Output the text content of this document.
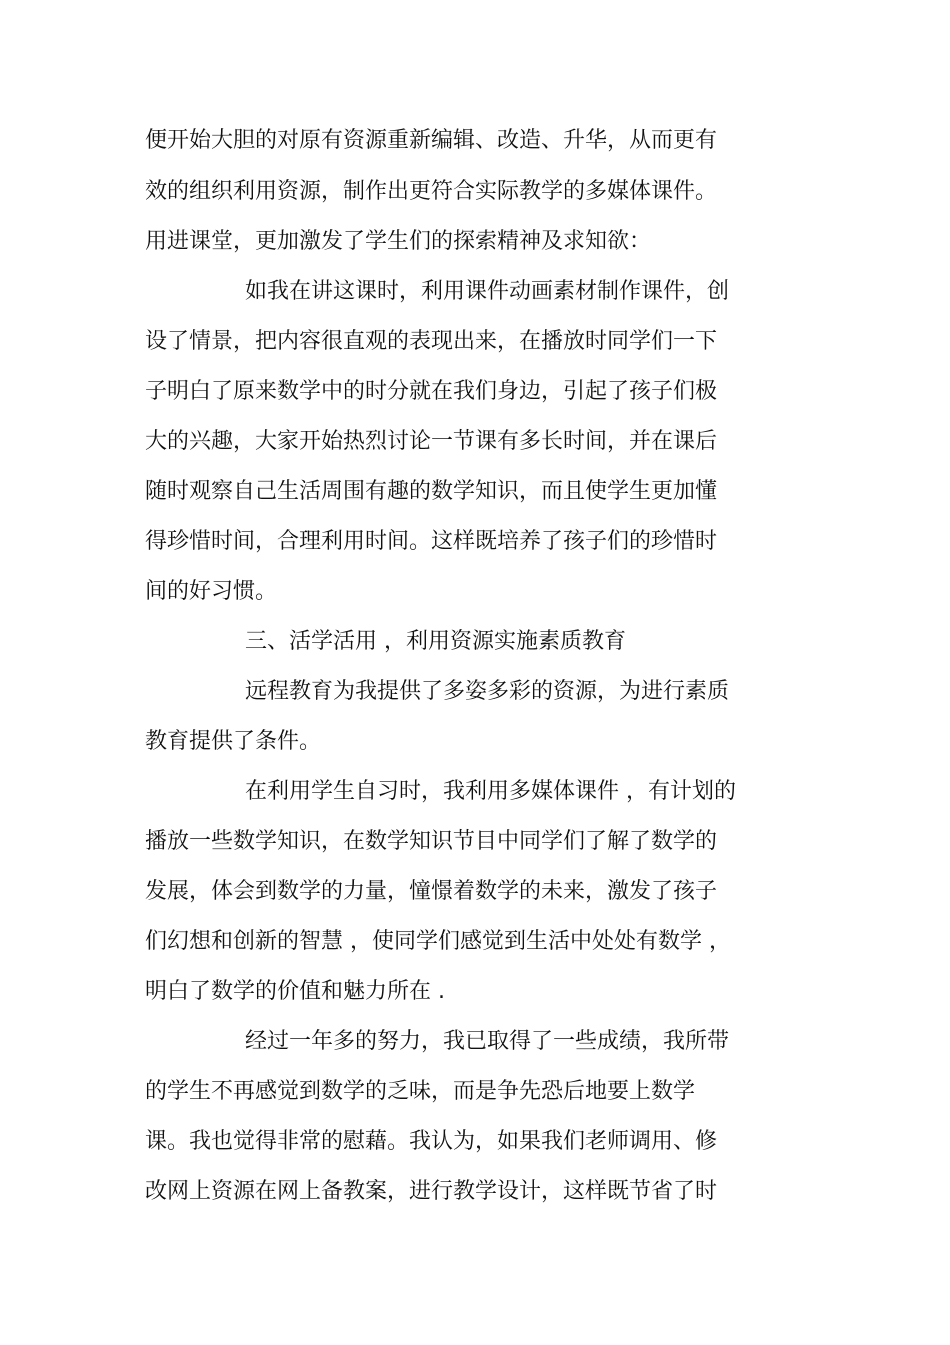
便开始大胆的对原有资源重新编辑、改造、升华，从而更有
效的组织利用资源，制作出更符合实际教学的多媒体课件。
用进课堂，更加激发了学生们的探索精神及求知欲：
如我在讲这课时，利用课件动画素材制作课件，创
设了情景，把内容很直观的表现出来，在播放时同学们一下
子明白了原来数学中的时分就在我们身边，引起了孩子们极
大的兴趣，大家开始热烈讨论一节课有多长时间，并在课后
随时观察自己生活周围有趣的数学知识，而且使学生更加懂
得珍惜时间，合理利用时间。这样既培养了孩子们的珍惜时
间的好习惯。
三、活学活用 ，利用资源实施素质教育
远程教育为我提供了多姿多彩的资源，为进行素质
教育提供了条件。
在利用学生自习时，我利用多媒体课件 ，有计划的
播放一些数学知识，在数学知识节目中同学们了解了数学的
发展，体会到数学的力量，憧憬着数学的未来，激发了孩子
们幻想和创新的智慧 ，使同学们感觉到生活中处处有数学 ，
明白了数学的价值和魅力所在 .
经过一年多的努力，我已取得了一些成绩，我所带
的学生不再感觉到数学的乏味，而是争先恐后地要上数学
课。我也觉得非常的慰藉。我认为，如果我们老师调用、修
改网上资源在网上备教案，进行教学设计，这样既节省了时
